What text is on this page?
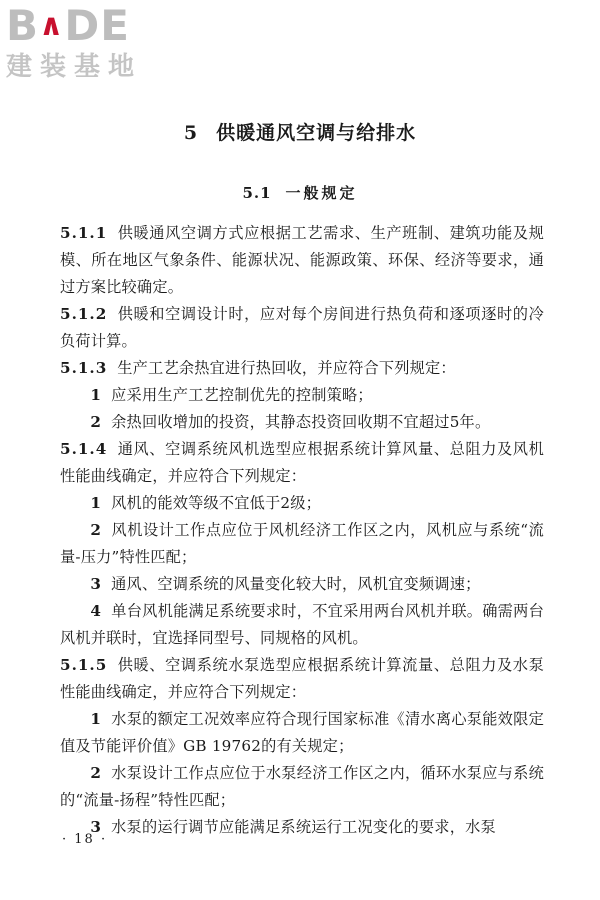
B∧DE
建装基地
5 供暖通风空调与给排水
5.1 一般规定

5.1.1 供暖通风空调方式应根据工艺需求、生产班制、建筑功能及规模、所在地区气象条件、能源状况、能源政策、环保、经济等要求，通过方案比较确定。

5.1.2 供暖和空调设计时，应对每个房间进行热负荷和逐项逐时的冷负荷计算。

5.1.3 生产工艺余热宜进行热回收，并应符合下列规定：

1 应采用生产工艺控制优先的控制策略；

2 余热回收增加的投资，其静态投资回收期不宜超过5年。

5.1.4 通风、空调系统风机选型应根据系统计算风量、总阻力及风机性能曲线确定，并应符合下列规定：

1 风机的能效等级不宜低于2级；

2 风机设计工作点应位于风机经济工作区之内，风机应与系统“流量-压力”特性匹配；

3 通风、空调系统的风量变化较大时，风机宜变频调速；

4 单台风机能满足系统要求时，不宜采用两台风机并联。确需两台风机并联时，宜选择同型号、同规格的风机。

5.1.5 供暖、空调系统水泵选型应根据系统计算流量、总阻力及水泵性能曲线确定，并应符合下列规定：

1 水泵的额定工况效率应符合现行国家标准《清水离心泵能效限定值及节能评价值》GB 19762的有关规定；

2 水泵设计工作点应位于水泵经济工作区之内，循环水泵应与系统的“流量-扬程”特性匹配；

3 水泵的运行调节应能满足系统运行工况变化的要求，水泵

· 18 ·
